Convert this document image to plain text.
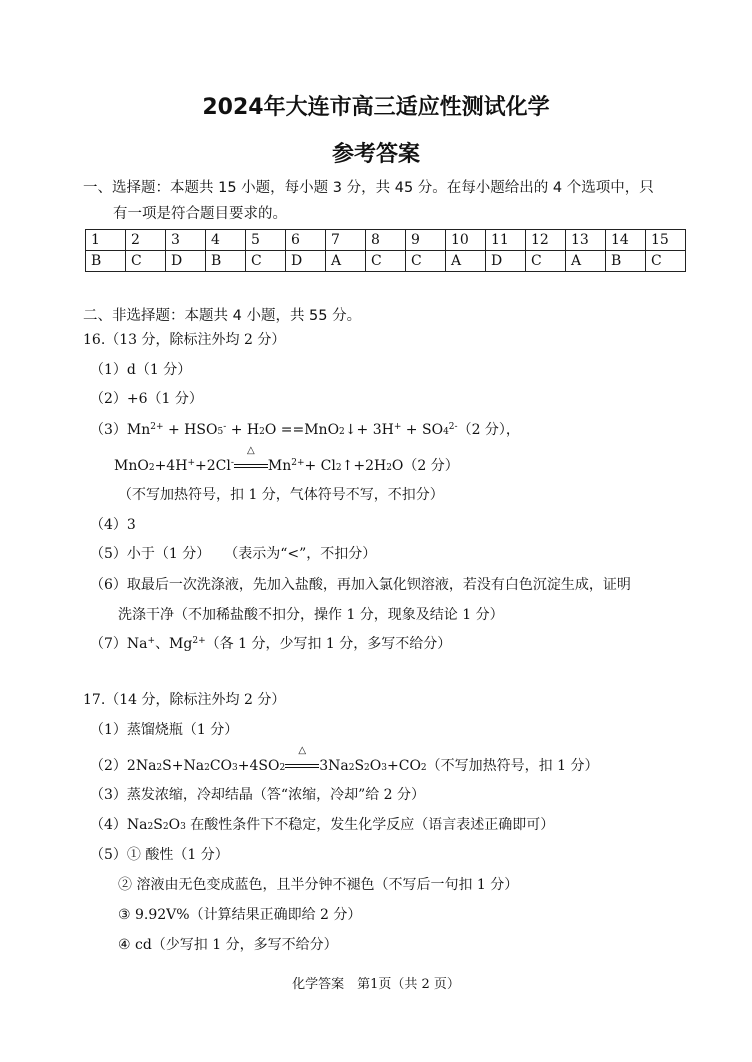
2024年大连市高三适应性测试化学
参考答案
一、选择题：本题共 15 小题，每小题 3 分，共 45 分。在每小题给出的 4 个选项中，只
有一项是符合题目要求的。
1	2	3	4	5	6	7	8	9	10	11	12	13	14	15
B	C	D	B	C	D	A	C	C	A	D	C	A	B	C
二、非选择题：本题共 4 小题，共 55 分。
16.（13 分，除标注外均 2 分）
（1）d（1 分）
（2）+6（1 分）
$(3)Mn^{2+} + HSO_5^- + H_2O$ ==MnO$_2$↓+ $3H^+ + SO_4^{2-}(2$ 分），
MnO$_2$+4H++2Cl-
△
$Mn^{2+}+$ $Cl_2↑+2H_2O(2$ 分）
（不写加热符号，扣 1 分，气体符号不写，不扣分）
（4）3
（5）小于（1 分）　　（表示为“<”，不扣分）
（6）取最后一次洗涤液，先加入盐酸，再加入氯化钡溶液，若没有白色沉淀生成，证明
洗涤干净（不加稀盐酸不扣分，操作 1 分，现象及结论 1 分）
（7）Na+、$Mg^{2+}$（各 1 分，少写扣 1 分，多写不给分）
17.（14 分，除标注外均 2 分）
（1）蒸馏烧瓶（1 分）
$(2)2Na_2S+Na_2CO_3+4SO_2$
△
$3Na_2S_2O_3+CO_2$（不写加热符号，扣 1 分）
（3）蒸发浓缩，冷却结晶（答“浓缩，冷却”给 2 分）
$(4)Na_2S_2O_3$ 在酸性条件下不稳定，发生化学反应（语言表述正确即可）
（5）① 酸性（1 分）
② 溶液由无色变成蓝色，且半分钟不褪色（不写后一句扣 1 分）
③ 9.92V%（计算结果正确即给 2 分）
④ cd（少写扣 1 分，多写不给分）
化学答案　第1页（共 2 页）
